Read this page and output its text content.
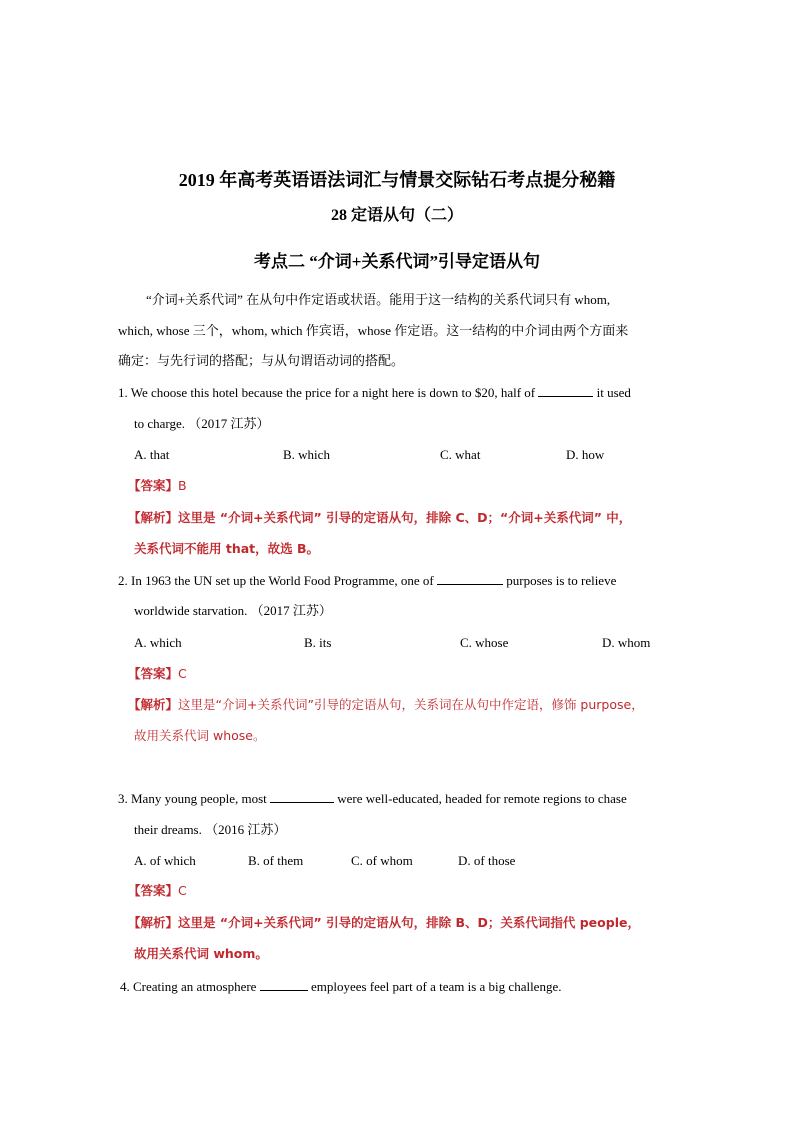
2019 年高考英语语法词汇与情景交际钻石考点提分秘籍
28 定语从句（二）
考点二 “介词+关系代词”引导定语从句
“介词+关系代词” 在从句中作定语或状语。能用于这一结构的关系代词只有 whom,
which, whose 三个，whom, which 作宾语，whose 作定语。这一结构的中介词由两个方面来
确定：与先行词的搭配；与从句谓语动词的搭配。
1. We choose this hotel because the price for a night here is down to $20, half of	it used
to charge. （2017 江苏）
A. that	B. which	C. what	D. how
【答案】B
【解析】这里是 “介词+关系代词” 引导的定语从句，排除 C、D；“介词+关系代词” 中，
关系代词不能用 that，故选 B。
2. In 1963 the UN set up the World Food Programme, one of	purposes is to relieve
worldwide starvation. （2017 江苏）
A. which	B. its	C. whose	D. whom
【答案】C
【解析】这里是“介词+关系代词”引导的定语从句，关系词在从句中作定语，修饰 purpose，
故用关系代词 whose。
3. Many young people, most	were well-educated, headed for remote regions to chase
their dreams. （2016 江苏）
A. of which	B. of them	C. of whom	D. of those
【答案】C
【解析】这里是 “介词+关系代词” 引导的定语从句，排除 B、D；关系代词指代 people，
故用关系代词 whom。
4. Creating an atmosphere	employees feel part of a team is a big challenge.
